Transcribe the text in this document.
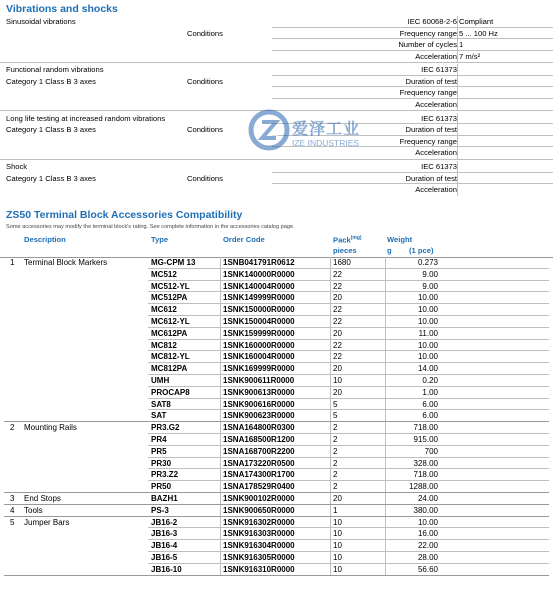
Vibrations and shocks
Sinusoidal vibrations	IEC 60068-2-6 Compliant
Conditions	Frequency range 5 ... 100 Hz
Number of cycles 1
Acceleration 7 m/s²
Functional random vibrations
Category 1 Class B 3 axes
IEC 61373
Conditions	Duration of test
Frequency range
Acceleration
Long life testing at increased random vibrations
Category 1 Class B 3 axes
IEC 61373
Conditions	Duration of test
Frequency range
Acceleration
Shock
Category 1 Class B 3 axes
IEC 61373
Conditions	Duration of test
Acceleration
爱泽工业
IZE INDUSTRIES
ZS50 Terminal Block Accessories Compatibility
Some accessories may modify the terminal block's rating. See complete information in the accessories catalog page.
Description	Type	Order Code	Pack$^{(mg)}$
pieces
Weight
g (1 pce)
1 Terminal Block Markers	MG-CPM 13	1SNB041791R0612	1680	0.273
MC512	1SNK140000R0000	22	9.00
MC512-YL	1SNK140004R0000	22	9.00
MC512PA	1SNK149999R0000	20	10.00
MC612	1SNK150000R0000	22	10.00
MC612-YL	1SNK150004R0000	22	10.00
MC612PA	1SNK159999R0000	20	11.00
MC812	1SNK160000R0000	22	10.00
MC812-YL	1SNK160004R0000	22	10.00
MC812PA	1SNK169999R0000	20	14.00
UMH	1SNK900611R0000	10	0.20
PROCAP8	1SNK900613R0000	20	1.00
SAT8	1SNK900616R0000	5	6.00
SAT	1SNK900623R0000	5	6.00
2 Mounting Rails	PR3.G2	1SNA164800R0300	2	718.00
PR4	1SNA168500R1200	2	915.00
PR5	1SNA168700R2200	2	700
PR30	1SNA173220R0500	2	328.00
PR3.Z2	1SNA174300R1700	2	718.00
PR50	1SNA178529R0400	2	1288.00
3 End Stops	BAZH1	1SNK900102R0000	20	24.00
4 Tools	PS-3	1SNK900650R0000	1	380.00
5 Jumper Bars	JB16-2	1SNK916302R0000	10	10.00
JB16-3	1SNK916303R0000	10	16.00
JB16-4	1SNK916304R0000	10	22.00
JB16-5	1SNK916305R0000	10	28.00
JB16-10	1SNK916310R0000	10	56.60
